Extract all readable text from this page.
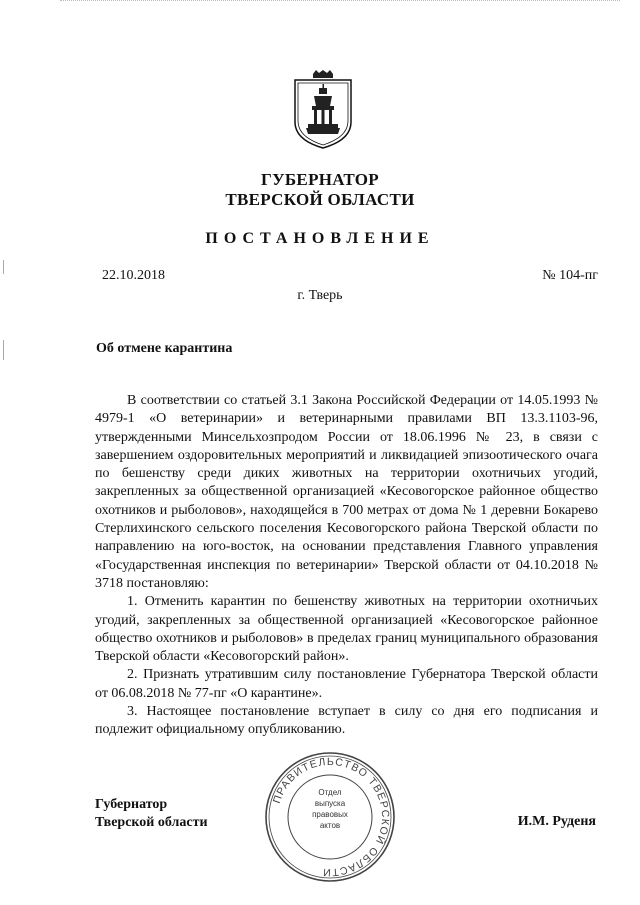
ГУБЕРНАТОР
ТВЕРСКОЙ ОБЛАСТИ
ПОСТАНОВЛЕНИЕ
22.10.2018	№ 104-пг
г. Тверь
Об отмене карантина

В соответствии со статьей 3.1 Закона Российской Федерации от 14.05.1993 № 4979-1 «О ветеринарии» и ветеринарными правилами ВП 13.3.1103-96, утвержденными Минсельхозпродом России от 18.06.1996 № 23, в связи с завершением оздоровительных мероприятий и ликвидацией эпизоотического очага по бешенству среди диких животных на территории охотничьих угодий, закрепленных за общественной организацией «Кесовогорское районное общество охотников и рыболовов», находящейся в 700 метрах от дома № 1 деревни Бокарево Стерлихинского сельского поселения Кесовогорского района Тверской области по направлению на юго-восток, на основании представления Главного управления «Государственная инспекция по ветеринарии» Тверской области от 04.10.2018 № 3718 постановляю:

1. Отменить карантин по бешенству животных на территории охотничьих угодий, закрепленных за общественной организацией «Кесовогорское районное общество охотников и рыболовов» в пределах границ муниципального образования Тверской области «Кесовогорский район».

2. Признать утратившим силу постановление Губернатора Тверской области от 06.08.2018 № 77-пг «О карантине».

3. Настоящее постановление вступает в силу со дня его подписания и подлежит официальному опубликованию.

Губернатор
Тверской области	И.М. Руденя
ПРАВИТЕЛЬСТВО ТВЕРСКОЙ ОБЛАСТИ
Отдел
выпуска
правовых
актов
